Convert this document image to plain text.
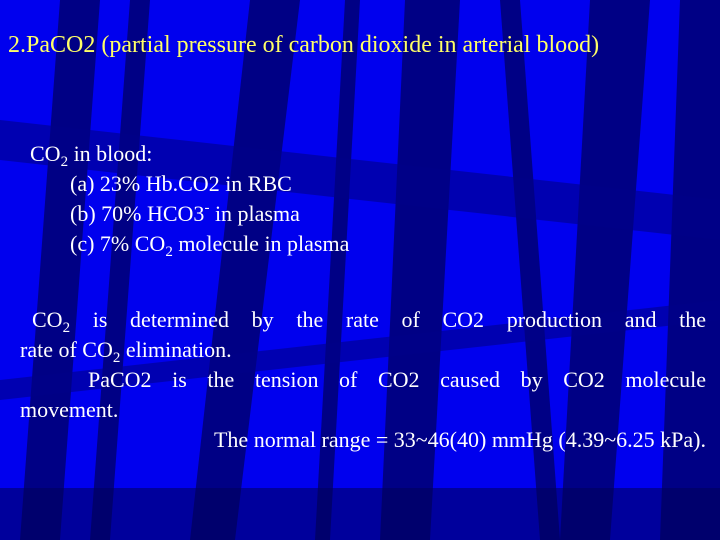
2.PaCO2 (partial pressure of carbon dioxide in arterial blood)
$CO_2$ in blood:
(a) 23% Hb.CO2 in RBC
(b) 70% HCO3- in plasma
(c) 7% $CO_2$ molecule in plasma
$CO_2$ is determined by the rate of CO2 production and the
rate of $CO_2$ elimination.
PaCO2 is the tension of CO2 caused by CO2 molecule
movement.
The normal range = 33~46(40) mmHg (4.39~6.25 kPa).
